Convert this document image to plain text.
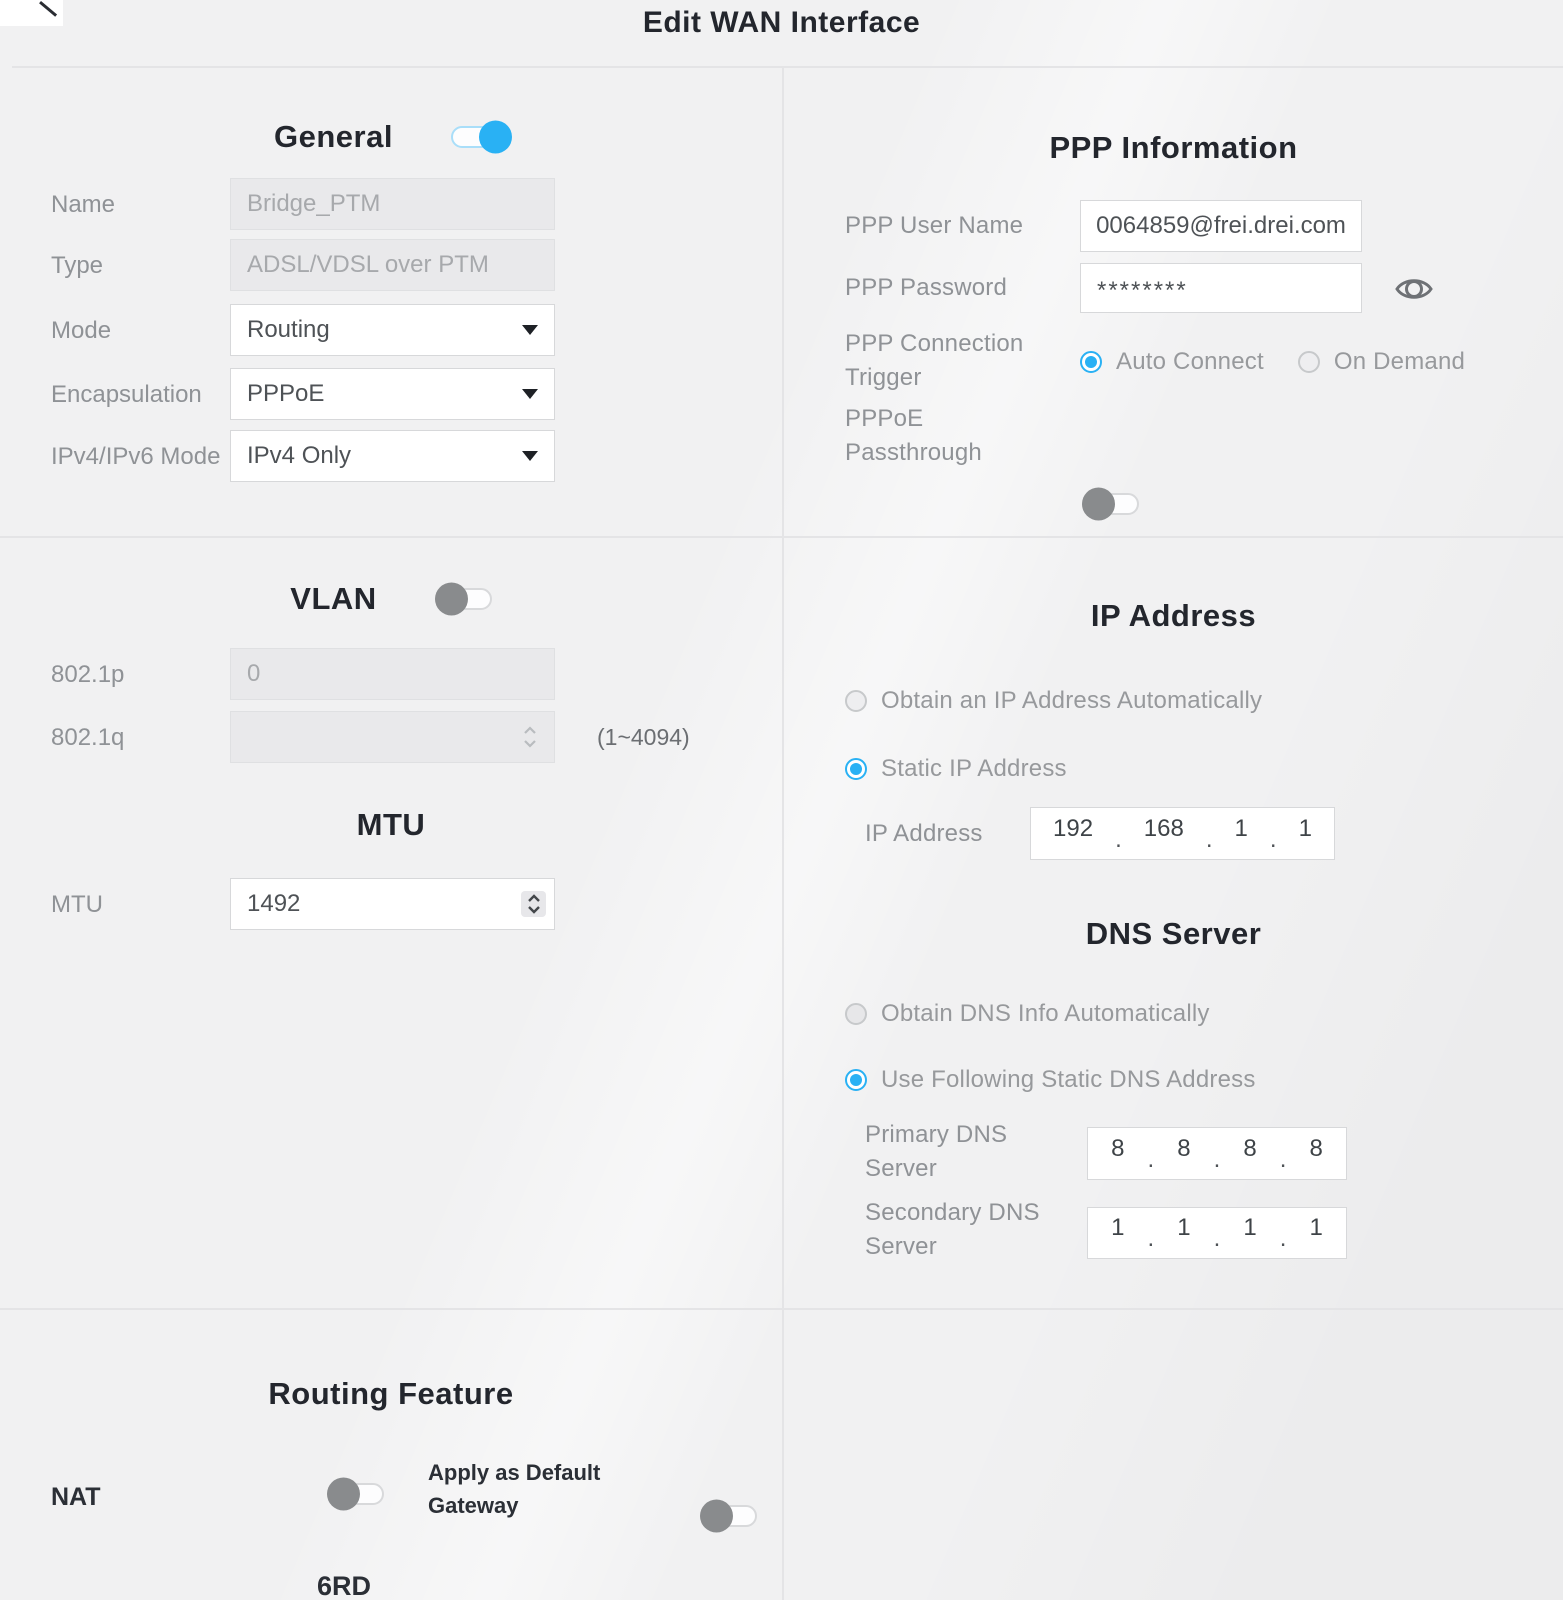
Edit WAN Interface
General
Name	Bridge_PTM
Type	ADSL/VDSL over PTM
Mode	Routing
Encapsulation	PPPoE
IPv4/IPv6 Mode	IPv4 Only
VLAN
802.1p	0
802.1q	(1~4094)
MTU
MTU	1492
Routing Feature
NAT
Apply as Default Gateway
6RD
PPP Information
PPP User Name	0064859@frei.drei.com
PPP Password	********
PPP Connection Trigger
Auto Connect	On Demand
PPPoE Passthrough
IP Address
Obtain an IP Address Automatically
Static IP Address
IP Address	192 . 168 . 1 . 1
DNS Server
Obtain DNS Info Automatically
Use Following Static DNS Address
Primary DNS Server
8 . 8 . 8 . 8
Secondary DNS Server
1 . 1 . 1 . 1
